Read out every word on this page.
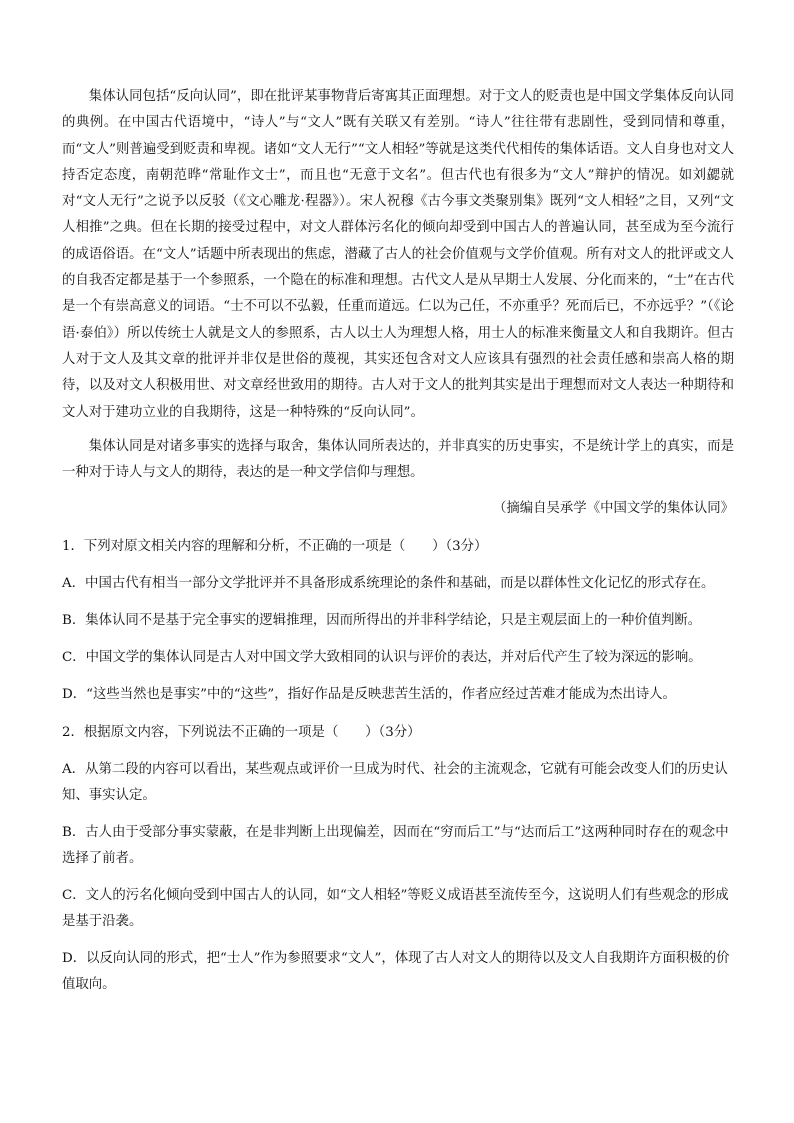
集体认同包括“反向认同”，即在批评某事物背后寄寓其正面理想。对于文人的贬责也是中国文学集体反向认同的典例。在中国古代语境中，“诗人”与“文人”既有关联又有差别。“诗人”往往带有悲剧性，受到同情和尊重，而“文人”则普遍受到贬责和卑视。诸如“文人无行”“文人相轻”等就是这类代代相传的集体话语。文人自身也对文人持否定态度，南朝范晔“常耻作文士”，而且也“无意于文名”。但古代也有很多为“文人”辩护的情况。如刘勰就对“文人无行”之说予以反驳（《文心雕龙·程器》）。宋人祝穆《古今事文类聚别集》既列“文人相轻”之目，又列“文人相推”之典。但在长期的接受过程中，对文人群体污名化的倾向却受到中国古人的普遍认同，甚至成为至今流行的成语俗语。在“文人”话题中所表现出的焦虑，潜藏了古人的社会价值观与文学价值观。所有对文人的批评或文人的自我否定都是基于一个参照系，一个隐在的标准和理想。古代文人是从早期士人发展、分化而来的，“士”在古代是一个有崇高意义的词语。“士不可以不弘毅，任重而道远。仁以为己任，不亦重乎？死而后已，不亦远乎？”（《论语·泰伯》）所以传统士人就是文人的参照系，古人以士人为理想人格，用士人的标准来衡量文人和自我期许。但古人对于文人及其文章的批评并非仅是世俗的蔑视，其实还包含对文人应该具有强烈的社会责任感和崇高人格的期待，以及对文人积极用世、对文章经世致用的期待。古人对于文人的批判其实是出于理想而对文人表达一种期待和文人对于建功立业的自我期待，这是一种特殊的“反向认同”。

集体认同是对诸多事实的选择与取舍，集体认同所表达的，并非真实的历史事实，不是统计学上的真实，而是一种对于诗人与文人的期待，表达的是一种文学信仰与理想。

（摘编自吴承学《中国文学的集体认同》
1．下列对原文相关内容的理解和分析，不正确的一项是（　　）（3分）
A．中国古代有相当一部分文学批评并不具备形成系统理论的条件和基础，而是以群体性文化记忆的形式存在。
B．集体认同不是基于完全事实的逻辑推理，因而所得出的并非科学结论，只是主观层面上的一种价值判断。
C．中国文学的集体认同是古人对中国文学大致相同的认识与评价的表达，并对后代产生了较为深远的影响。
D．“这些当然也是事实”中的“这些”，指好作品是反映悲苦生活的，作者应经过苦难才能成为杰出诗人。
2．根据原文内容，下列说法不正确的一项是（　　）（3分）
A．从第二段的内容可以看出，某些观点或评价一旦成为时代、社会的主流观念，它就有可能会改变人们的历史认知、事实认定。
B．古人由于受部分事实蒙蔽，在是非判断上出现偏差，因而在“穷而后工”与“达而后工”这两种同时存在的观念中选择了前者。
C．文人的污名化倾向受到中国古人的认同，如“文人相轻”等贬义成语甚至流传至今，这说明人们有些观念的形成是基于沿袭。
D．以反向认同的形式，把“士人”作为参照要求“文人”，体现了古人对文人的期待以及文人自我期许方面积极的价值取向。
